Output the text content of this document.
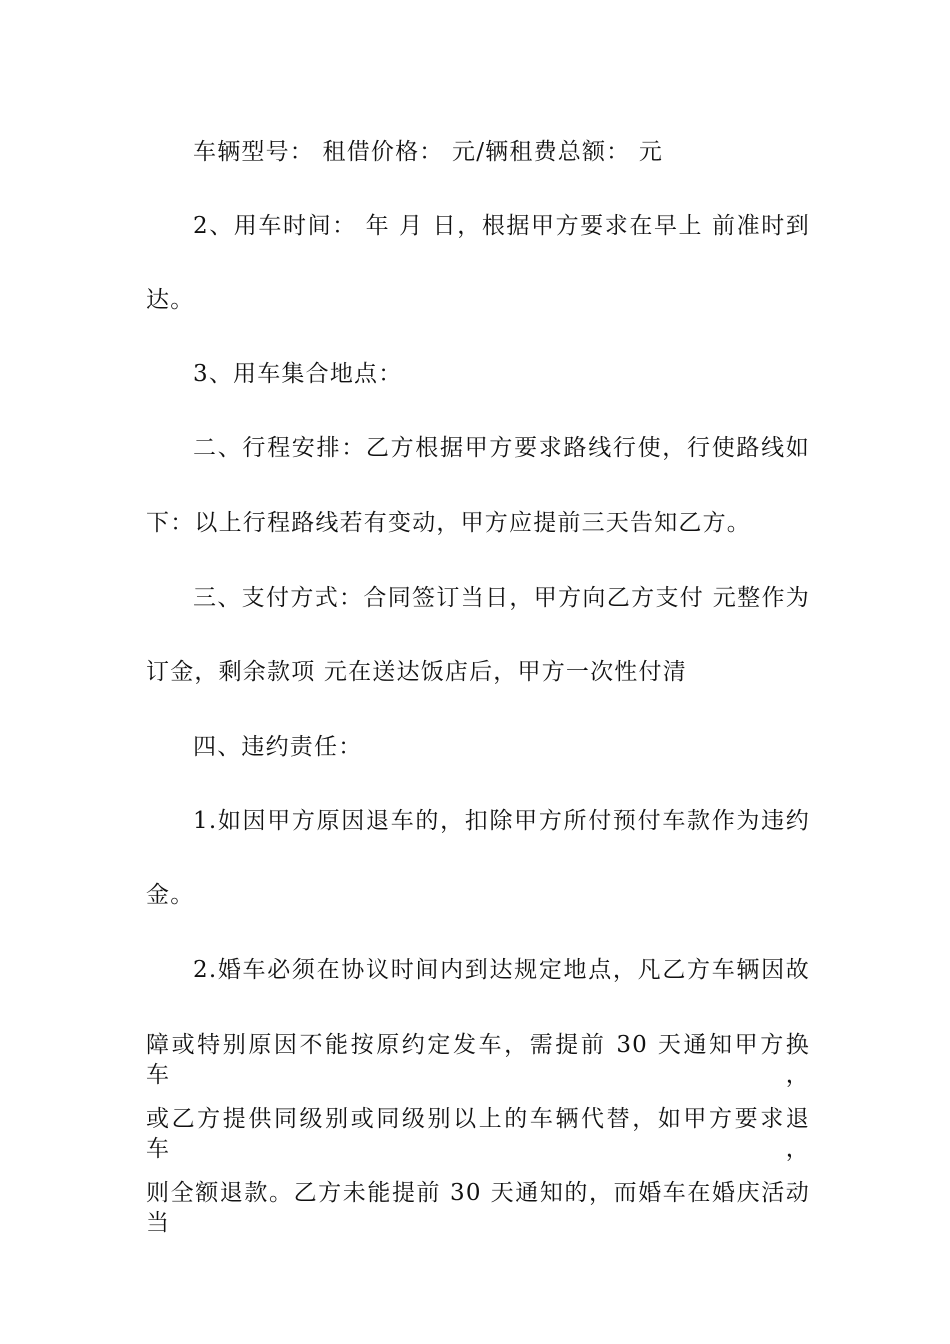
车辆型号： 租借价格： 元/辆租费总额： 元
2、用车时间： 年 月 日，根据甲方要求在早上 前准时到
达。
3、用车集合地点：
二、行程安排：乙方根据甲方要求路线行使，行使路线如
下：以上行程路线若有变动，甲方应提前三天告知乙方。
三、支付方式：合同签订当日，甲方向乙方支付 元整作为
订金，剩余款项 元在送达饭店后，甲方一次性付清
四、违约责任：
1.如因甲方原因退车的，扣除甲方所付预付车款作为违约
金。
2.婚车必须在协议时间内到达规定地点，凡乙方车辆因故
障或特别原因不能按原约定发车，需提前 30 天通知甲方换车，
或乙方提供同级别或同级别以上的车辆代替，如甲方要求退车，
则全额退款。乙方未能提前 30 天通知的，而婚车在婚庆活动当
